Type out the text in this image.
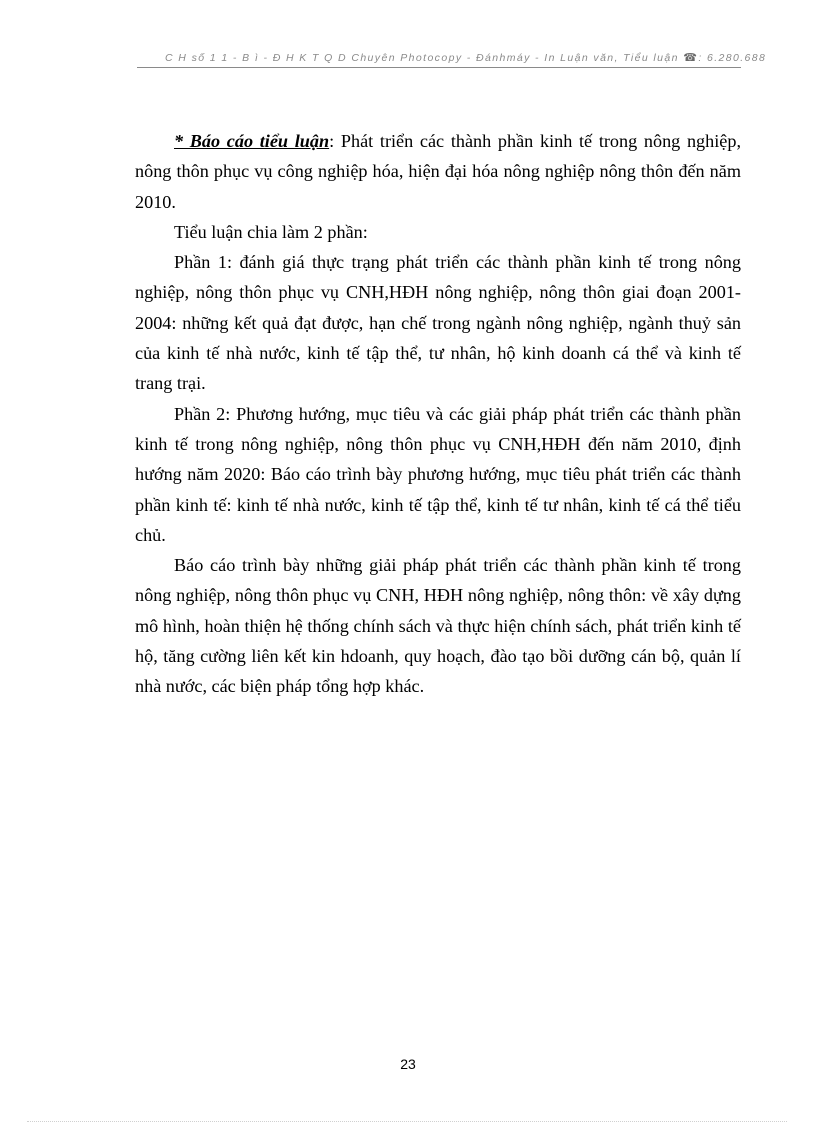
C H số 1 1 - B ì - Đ H K T Q D Chuyên Photocopy - Đánhmáy - In Luận văn, Tiểu luận ☎: 6.280.688

* Báo cáo tiểu luận: Phát triển các thành phần kinh tế trong nông nghiệp, nông thôn phục vụ công nghiệp hóa, hiện đại hóa nông nghiệp nông thôn đến năm 2010.

Tiểu luận chia làm 2 phần:

Phần 1: đánh giá thực trạng phát triển các thành phần kinh tế trong nông nghiệp, nông thôn phục vụ CNH,HĐH nông nghiệp, nông thôn giai đoạn 2001-2004: những kết quả đạt được, hạn chế trong ngành nông nghiệp, ngành thuỷ sản của kinh tế nhà nước, kinh tế tập thể, tư nhân, hộ kinh doanh cá thể và kinh tế trang trại.

Phần 2: Phương hướng, mục tiêu và các giải pháp phát triển các thành phần kinh tế trong nông nghiệp, nông thôn phục vụ CNH,HĐH đến năm 2010, định hướng năm 2020: Báo cáo trình bày phương hướng, mục tiêu phát triển các thành phần kinh tế: kinh tế nhà nước, kinh tế tập thể, kinh tế tư nhân, kinh tế cá thể tiểu chủ.

Báo cáo trình bày những giải pháp phát triển các thành phần kinh tế trong nông nghiệp, nông thôn phục vụ CNH, HĐH nông nghiệp, nông thôn: về xây dựng mô hình, hoàn thiện hệ thống chính sách và thực hiện chính sách, phát triển kinh tế hộ, tăng cường liên kết kin hdoanh, quy hoạch, đào tạo bồi dưỡng cán bộ, quản lí nhà nước, các biện pháp tổng hợp khác.

23
